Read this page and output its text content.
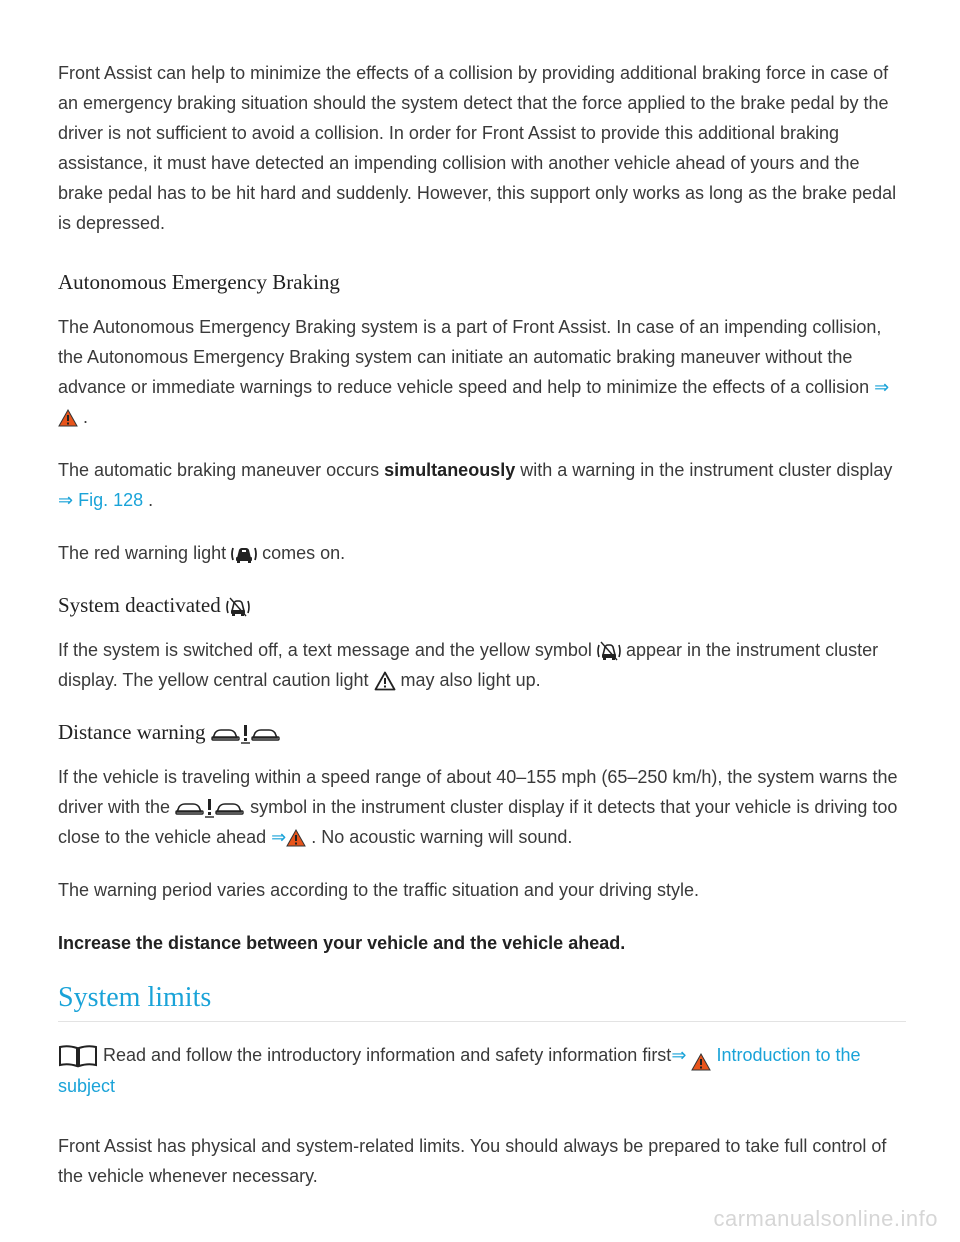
Front Assist can help to minimize the effects of a collision by providing additional braking force in case of an emergency braking situation should the system detect that the force applied to the brake pedal by the driver is not sufficient to avoid a collision. In order for Front Assist to provide this additional braking assistance, it must have detected an impending collision with another vehicle ahead of yours and the brake pedal has to be hit hard and suddenly. However, this support only works as long as the brake pedal is depressed.

Autonomous Emergency Braking

The Autonomous Emergency Braking system is a part of Front Assist. In case of an impending collision, the Autonomous Emergency Braking system can initiate an automatic braking maneuver without the advance or immediate warnings to reduce vehicle speed and help to minimize the effects of a collision ⇒ .

The automatic braking maneuver occurs simultaneously with a warning in the instrument cluster display ⇒ Fig. 128 .

The red warning light comes on.

System deactivated

If the system is switched off, a text message and the yellow symbol appear in the instrument cluster display. The yellow central caution light may also light up.

Distance warning

If the vehicle is traveling within a speed range of about 40–155 mph (65–250 km/h), the system warns the driver with the	symbol in the instrument cluster display if it detects that your vehicle is driving too close to the vehicle ahead ⇒ . No acoustic warning will sound.

The warning period varies according to the traffic situation and your driving style.

Increase the distance between your vehicle and the vehicle ahead.

System limits

Read and follow the introductory information and safety information first⇒ Introduction to the subject

Front Assist has physical and system-related limits. You should always be prepared to take full control of the vehicle whenever necessary.

carmanualsonline.info
